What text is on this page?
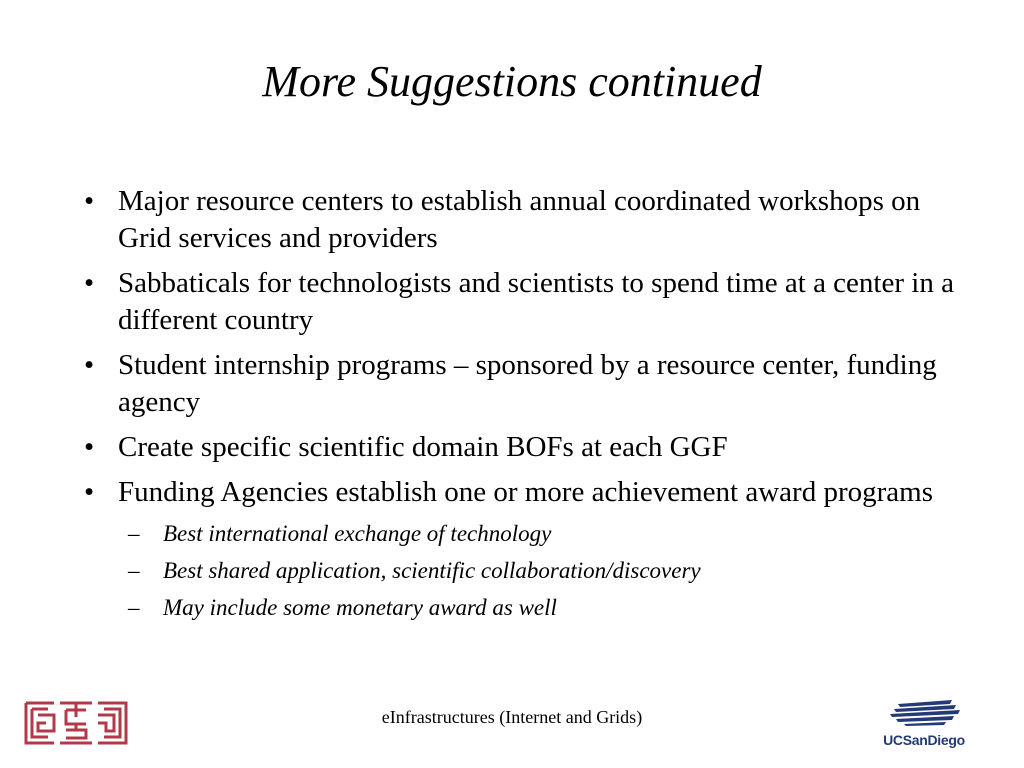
More Suggestions continued
• Major resource centers to establish annual coordinated workshops on Grid services and providers
• Sabbaticals for technologists and scientists to spend time at a center in a different country
• Student internship programs – sponsored by a resource center, funding agency
• Create specific scientific domain BOFs at each GGF
• Funding Agencies establish one or more achievement award programs
– Best international exchange of technology
– Best shared application, scientific collaboration/discovery
– May include some monetary award as well
eInfrastructures (Internet and Grids)
UCSanDiego
